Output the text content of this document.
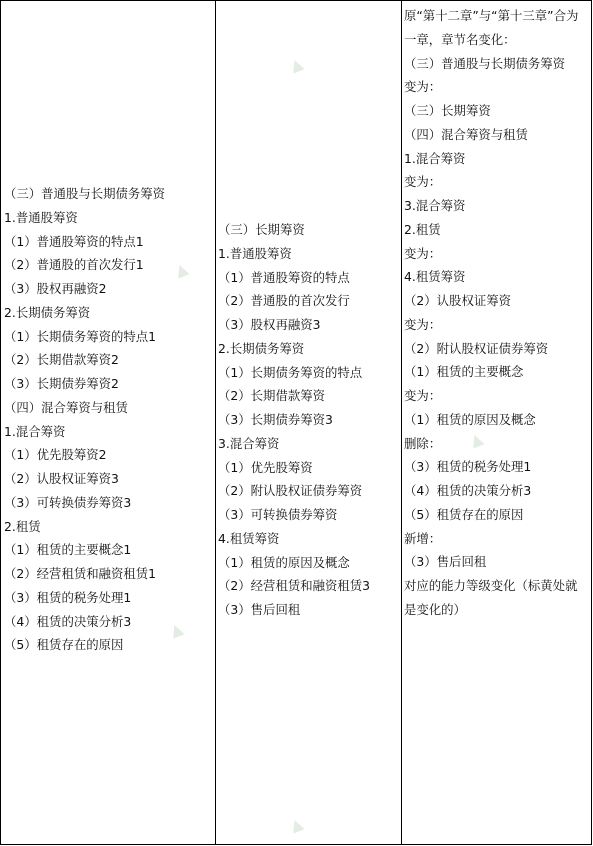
▲
▲
▲
▲
▲
（三）普通股与长期债务筹资
1.普通股筹资
（1）普通股筹资的特点1
（2）普通股的首次发行1
（3）股权再融资2
2.长期债务筹资
（1）长期债务筹资的特点1
（2）长期借款筹资2
（3）长期债券筹资2
（四）混合筹资与租赁
1.混合筹资
（1）优先股筹资2
（2）认股权证筹资3
（3）可转换债券筹资3
2.租赁
（1）租赁的主要概念1
（2）经营租赁和融资租赁1
（3）租赁的税务处理1
（4）租赁的决策分析3
（5）租赁存在的原因
（三）长期筹资
1.普通股筹资
（1）普通股筹资的特点
（2）普通股的首次发行
（3）股权再融资3
2.长期债务筹资
（1）长期债务筹资的特点
（2）长期借款筹资
（3）长期债券筹资3
3.混合筹资
（1）优先股筹资
（2）附认股权证债券筹资
（3）可转换债券筹资
4.租赁筹资
（1）租赁的原因及概念
（2）经营租赁和融资租赁3
（3）售后回租
原“第十二章”与“第十三章”合为一章，章节名变化：
（三）普通股与长期债务筹资
变为：
（三）长期筹资
（四）混合筹资与租赁
1.混合筹资
变为：
3.混合筹资
2.租赁
变为：
4.租赁筹资
（2）认股权证筹资
变为：
（2）附认股权证债券筹资
（1）租赁的主要概念
变为：
（1）租赁的原因及概念
删除：
（3）租赁的税务处理1
（4）租赁的决策分析3
（5）租赁存在的原因
新增：
（3）售后回租
对应的能力等级变化（标黄处就是变化的）
